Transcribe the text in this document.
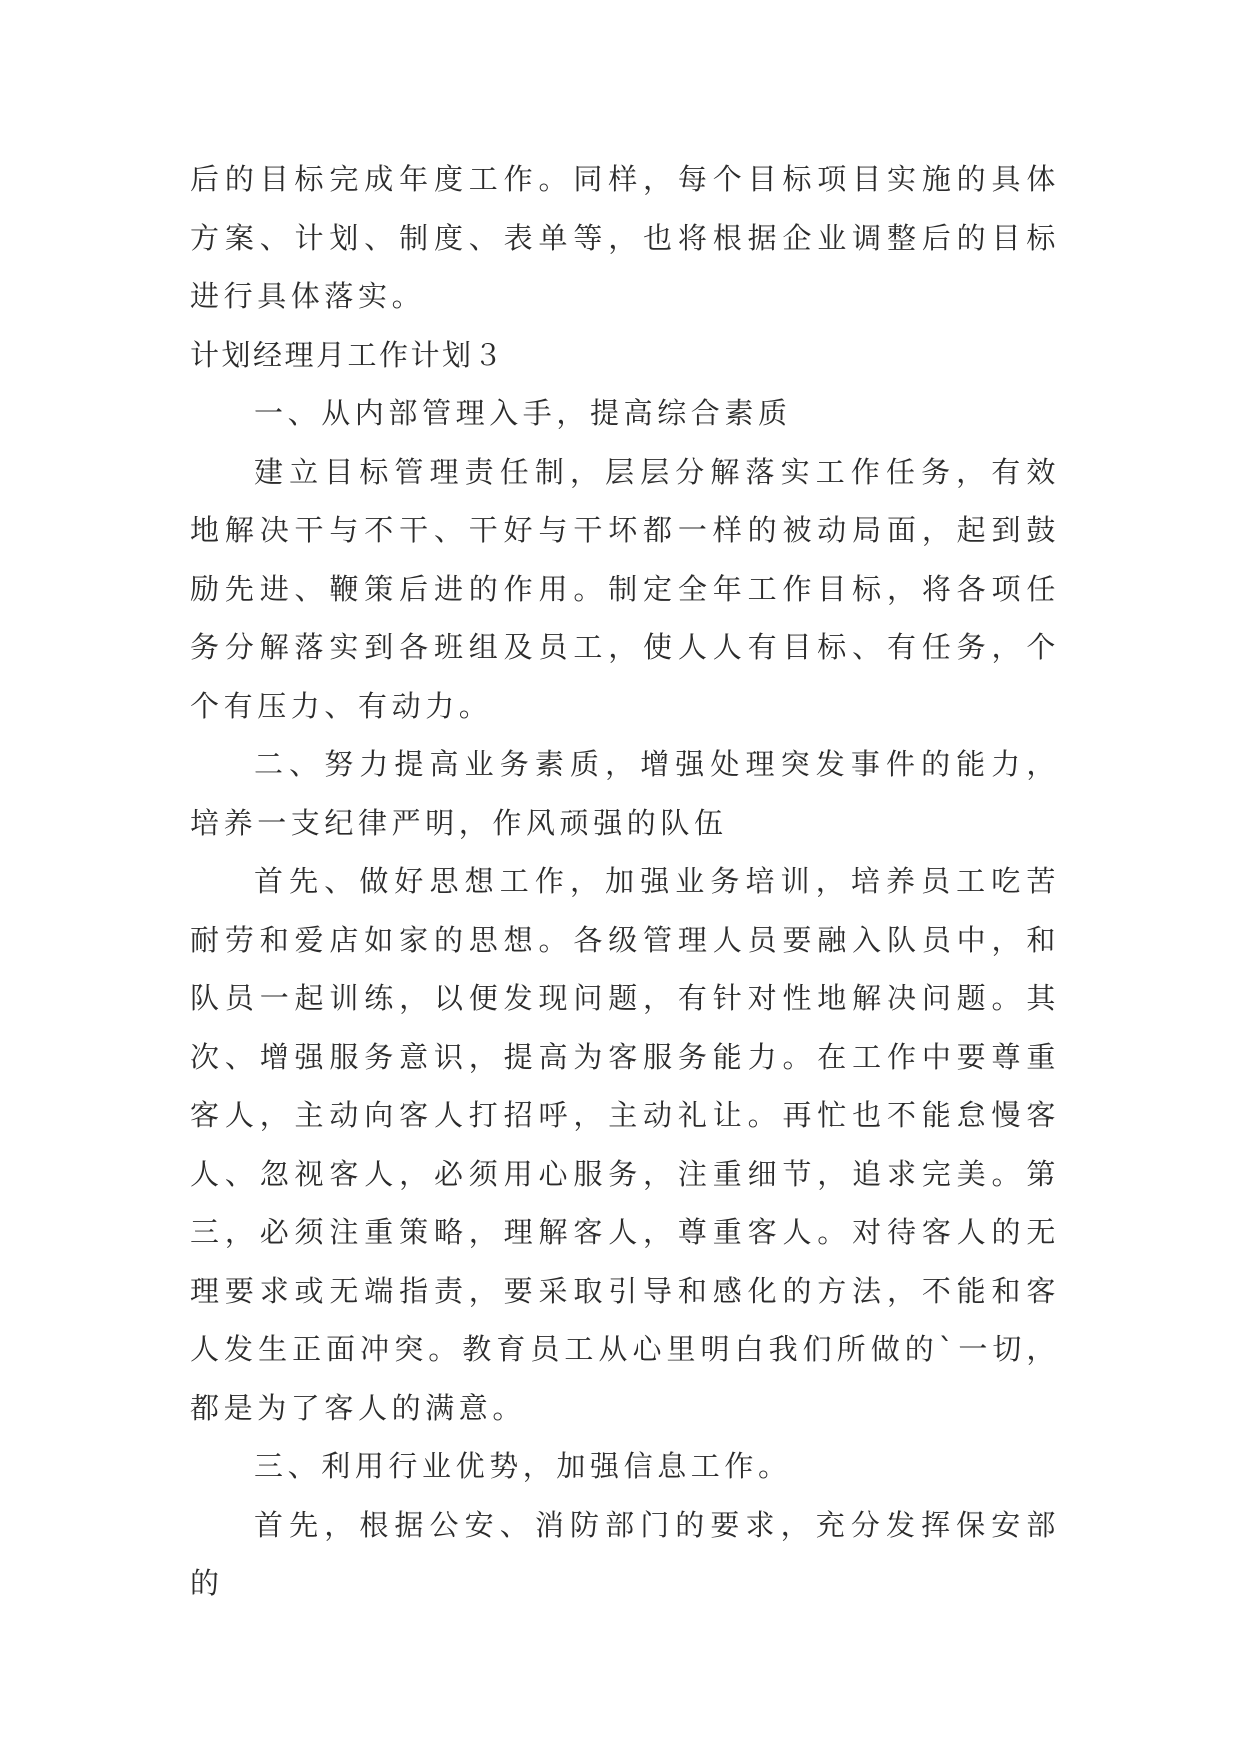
后的目标完成年度工作。同样，每个目标项目实施的具体方案、计划、制度、表单等，也将根据企业调整后的目标进行具体落实。

计划经理月工作计划３

一、从内部管理入手，提高综合素质

建立目标管理责任制，层层分解落实工作任务，有效地解决干与不干、干好与干坏都一样的被动局面，起到鼓励先进、鞭策后进的作用。制定全年工作目标，将各项任务分解落实到各班组及员工，使人人有目标、有任务，个个有压力、有动力。

二、努力提高业务素质，增强处理突发事件的能力，培养一支纪律严明，作风顽强的队伍

首先、做好思想工作，加强业务培训，培养员工吃苦耐劳和爱店如家的思想。各级管理人员要融入队员中，和队员一起训练，以便发现问题，有针对性地解决问题。其次、增强服务意识，提高为客服务能力。在工作中要尊重客人，主动向客人打招呼，主动礼让。再忙也不能怠慢客人、忽视客人，必须用心服务，注重细节，追求完美。第三，必须注重策略，理解客人，尊重客人。对待客人的无理要求或无端指责，要采取引导和感化的方法，不能和客人发生正面冲突。教育员工从心里明白我们所做的`一切，都是为了客人的满意。

三、利用行业优势，加强信息工作。

首先，根据公安、消防部门的要求，充分发挥保安部的
